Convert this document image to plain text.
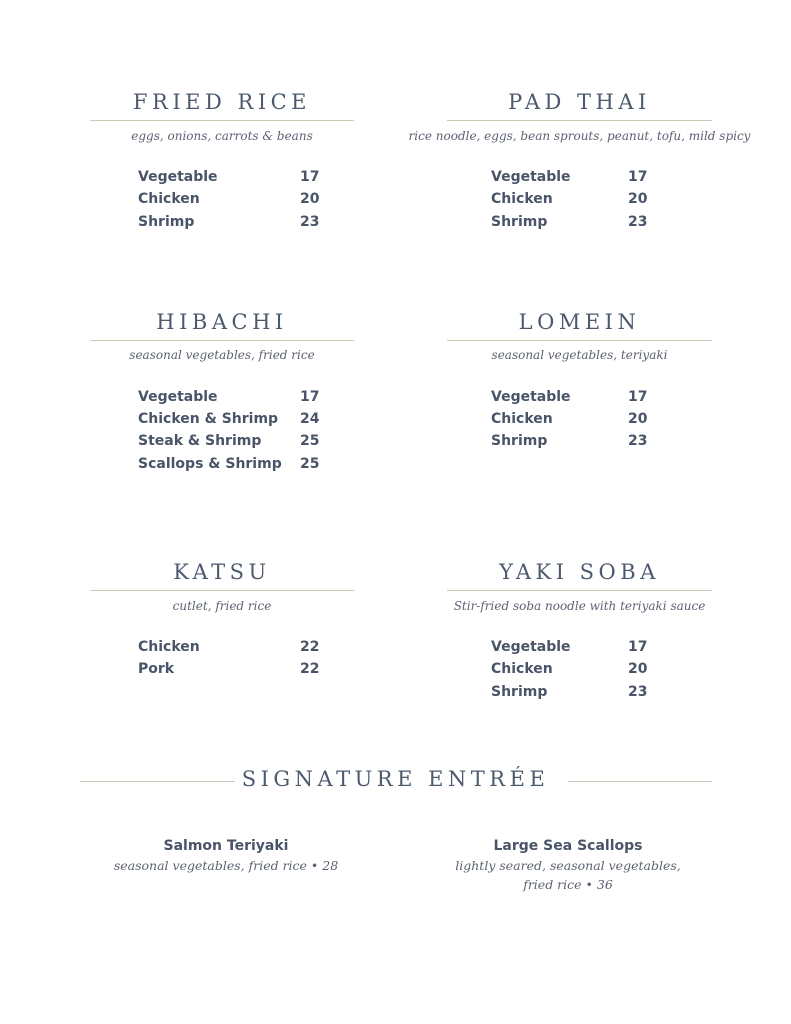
FRIED RICE
eggs, onions, carrots & beans
Vegetable	17
Chicken	20
Shrimp	23
PAD THAI
rice noodle, eggs, bean sprouts, peanut, tofu, mild spicy
Vegetable	17
Chicken	20
Shrimp	23
HIBACHI
seasonal vegetables, fried rice
Vegetable	17
Chicken & Shrimp 24
Steak & Shrimp	25
Scallops & Shrimp 25
LOMEIN
seasonal vegetables, teriyaki
Vegetable	17
Chicken	20
Shrimp	23
KATSU
cutlet, fried rice
Chicken	22
Pork	22
YAKI SOBA
Stir-fried soba noodle with teriyaki sauce
Vegetable	17
Chicken	20
Shrimp	23
SIGNATURE ENTRÉE
Salmon Teriyaki
seasonal vegetables, fried rice • 28
Large Sea Scallops
lightly seared, seasonal vegetables,
fried rice • 36
